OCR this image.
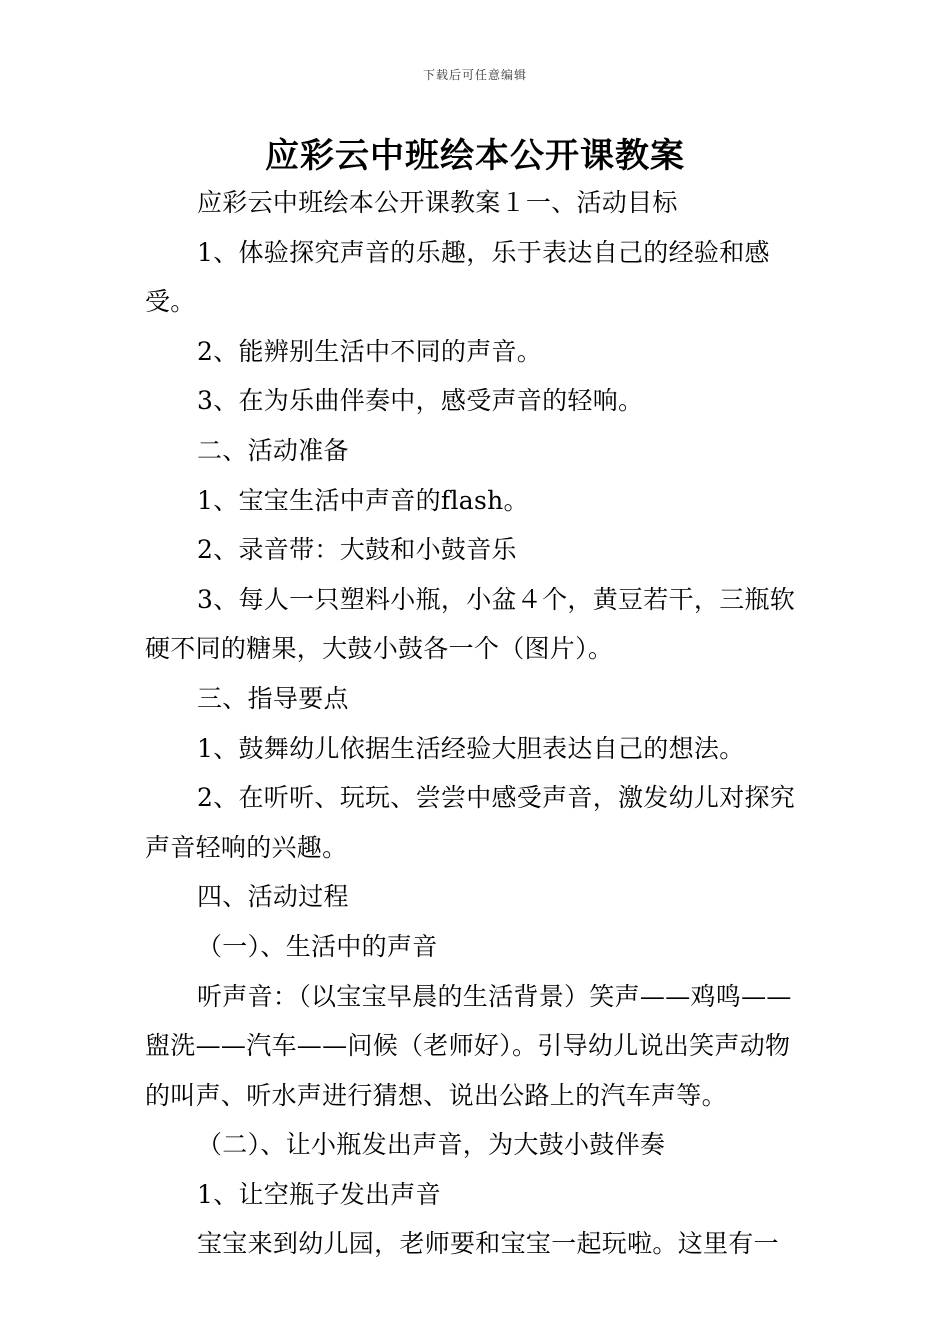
下载后可任意编辑
应彩云中班绘本公开课教案

应彩云中班绘本公开课教案１一、活动目标

1、体验探究声音的乐趣，乐于表达自己的经验和感受。

2、能辨别生活中不同的声音。

3、在为乐曲伴奏中，感受声音的轻响。

二、活动准备

1、宝宝生活中声音的flash。

2、录音带：大鼓和小鼓音乐

3、每人一只塑料小瓶，小盆４个，黄豆若干，三瓶软硬不同的糖果，大鼓小鼓各一个（图片）。

三、指导要点

1、鼓舞幼儿依据生活经验大胆表达自己的想法。

2、在听听、玩玩、尝尝中感受声音，激发幼儿对探究声音轻响的兴趣。

四、活动过程

（一）、生活中的声音

听声音：（以宝宝早晨的生活背景）笑声——鸡鸣——盥洗——汽车——问候（老师好）。引导幼儿说出笑声动物的叫声、听水声进行猜想、说出公路上的汽车声等。

（二）、让小瓶发出声音，为大鼓小鼓伴奏

1、让空瓶子发出声音

宝宝来到幼儿园，老师要和宝宝一起玩啦。这里有一
